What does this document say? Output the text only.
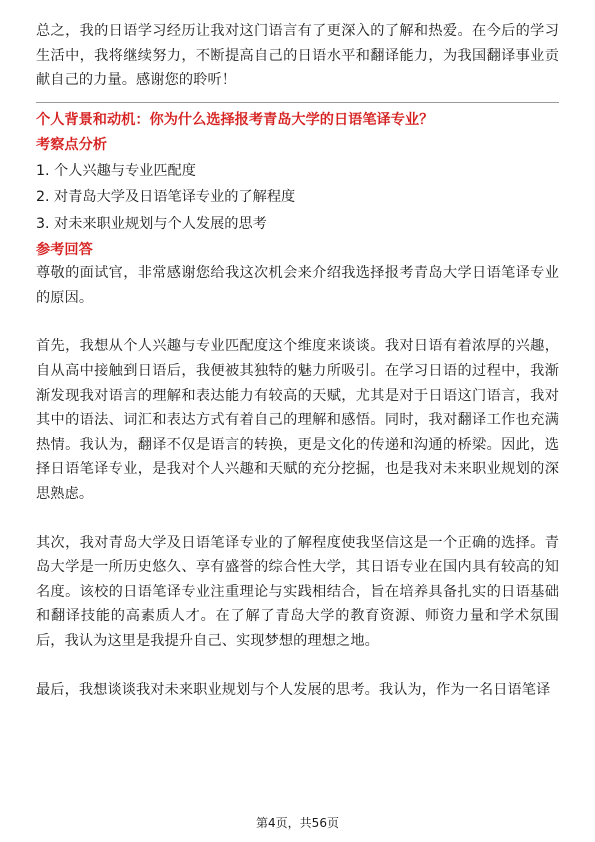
总之，我的日语学习经历让我对这门语言有了更深入的了解和热爱。在今后的学习生活中，我将继续努力，不断提高自己的日语水平和翻译能力，为我国翻译事业贡献自己的力量。感谢您的聆听！

个人背景和动机：你为什么选择报考青岛大学的日语笔译专业？

考察点分析

1. 个人兴趣与专业匹配度
2. 对青岛大学及日语笔译专业的了解程度
3. 对未来职业规划与个人发展的思考

参考回答

尊敬的面试官，非常感谢您给我这次机会来介绍我选择报考青岛大学日语笔译专业的原因。

首先，我想从个人兴趣与专业匹配度这个维度来谈谈。我对日语有着浓厚的兴趣，自从高中接触到日语后，我便被其独特的魅力所吸引。在学习日语的过程中，我渐渐发现我对语言的理解和表达能力有较高的天赋，尤其是对于日语这门语言，我对其中的语法、词汇和表达方式有着自己的理解和感悟。同时，我对翻译工作也充满热情。我认为，翻译不仅是语言的转换，更是文化的传递和沟通的桥梁。因此，选择日语笔译专业，是我对个人兴趣和天赋的充分挖掘，也是我对未来职业规划的深思熟虑。

其次，我对青岛大学及日语笔译专业的了解程度使我坚信这是一个正确的选择。青岛大学是一所历史悠久、享有盛誉的综合性大学，其日语专业在国内具有较高的知名度。该校的日语笔译专业注重理论与实践相结合，旨在培养具备扎实的日语基础和翻译技能的高素质人才。在了解了青岛大学的教育资源、师资力量和学术氛围后，我认为这里是我提升自己、实现梦想的理想之地。

最后，我想谈谈我对未来职业规划与个人发展的思考。我认为，作为一名日语笔译

第4页，共56页
